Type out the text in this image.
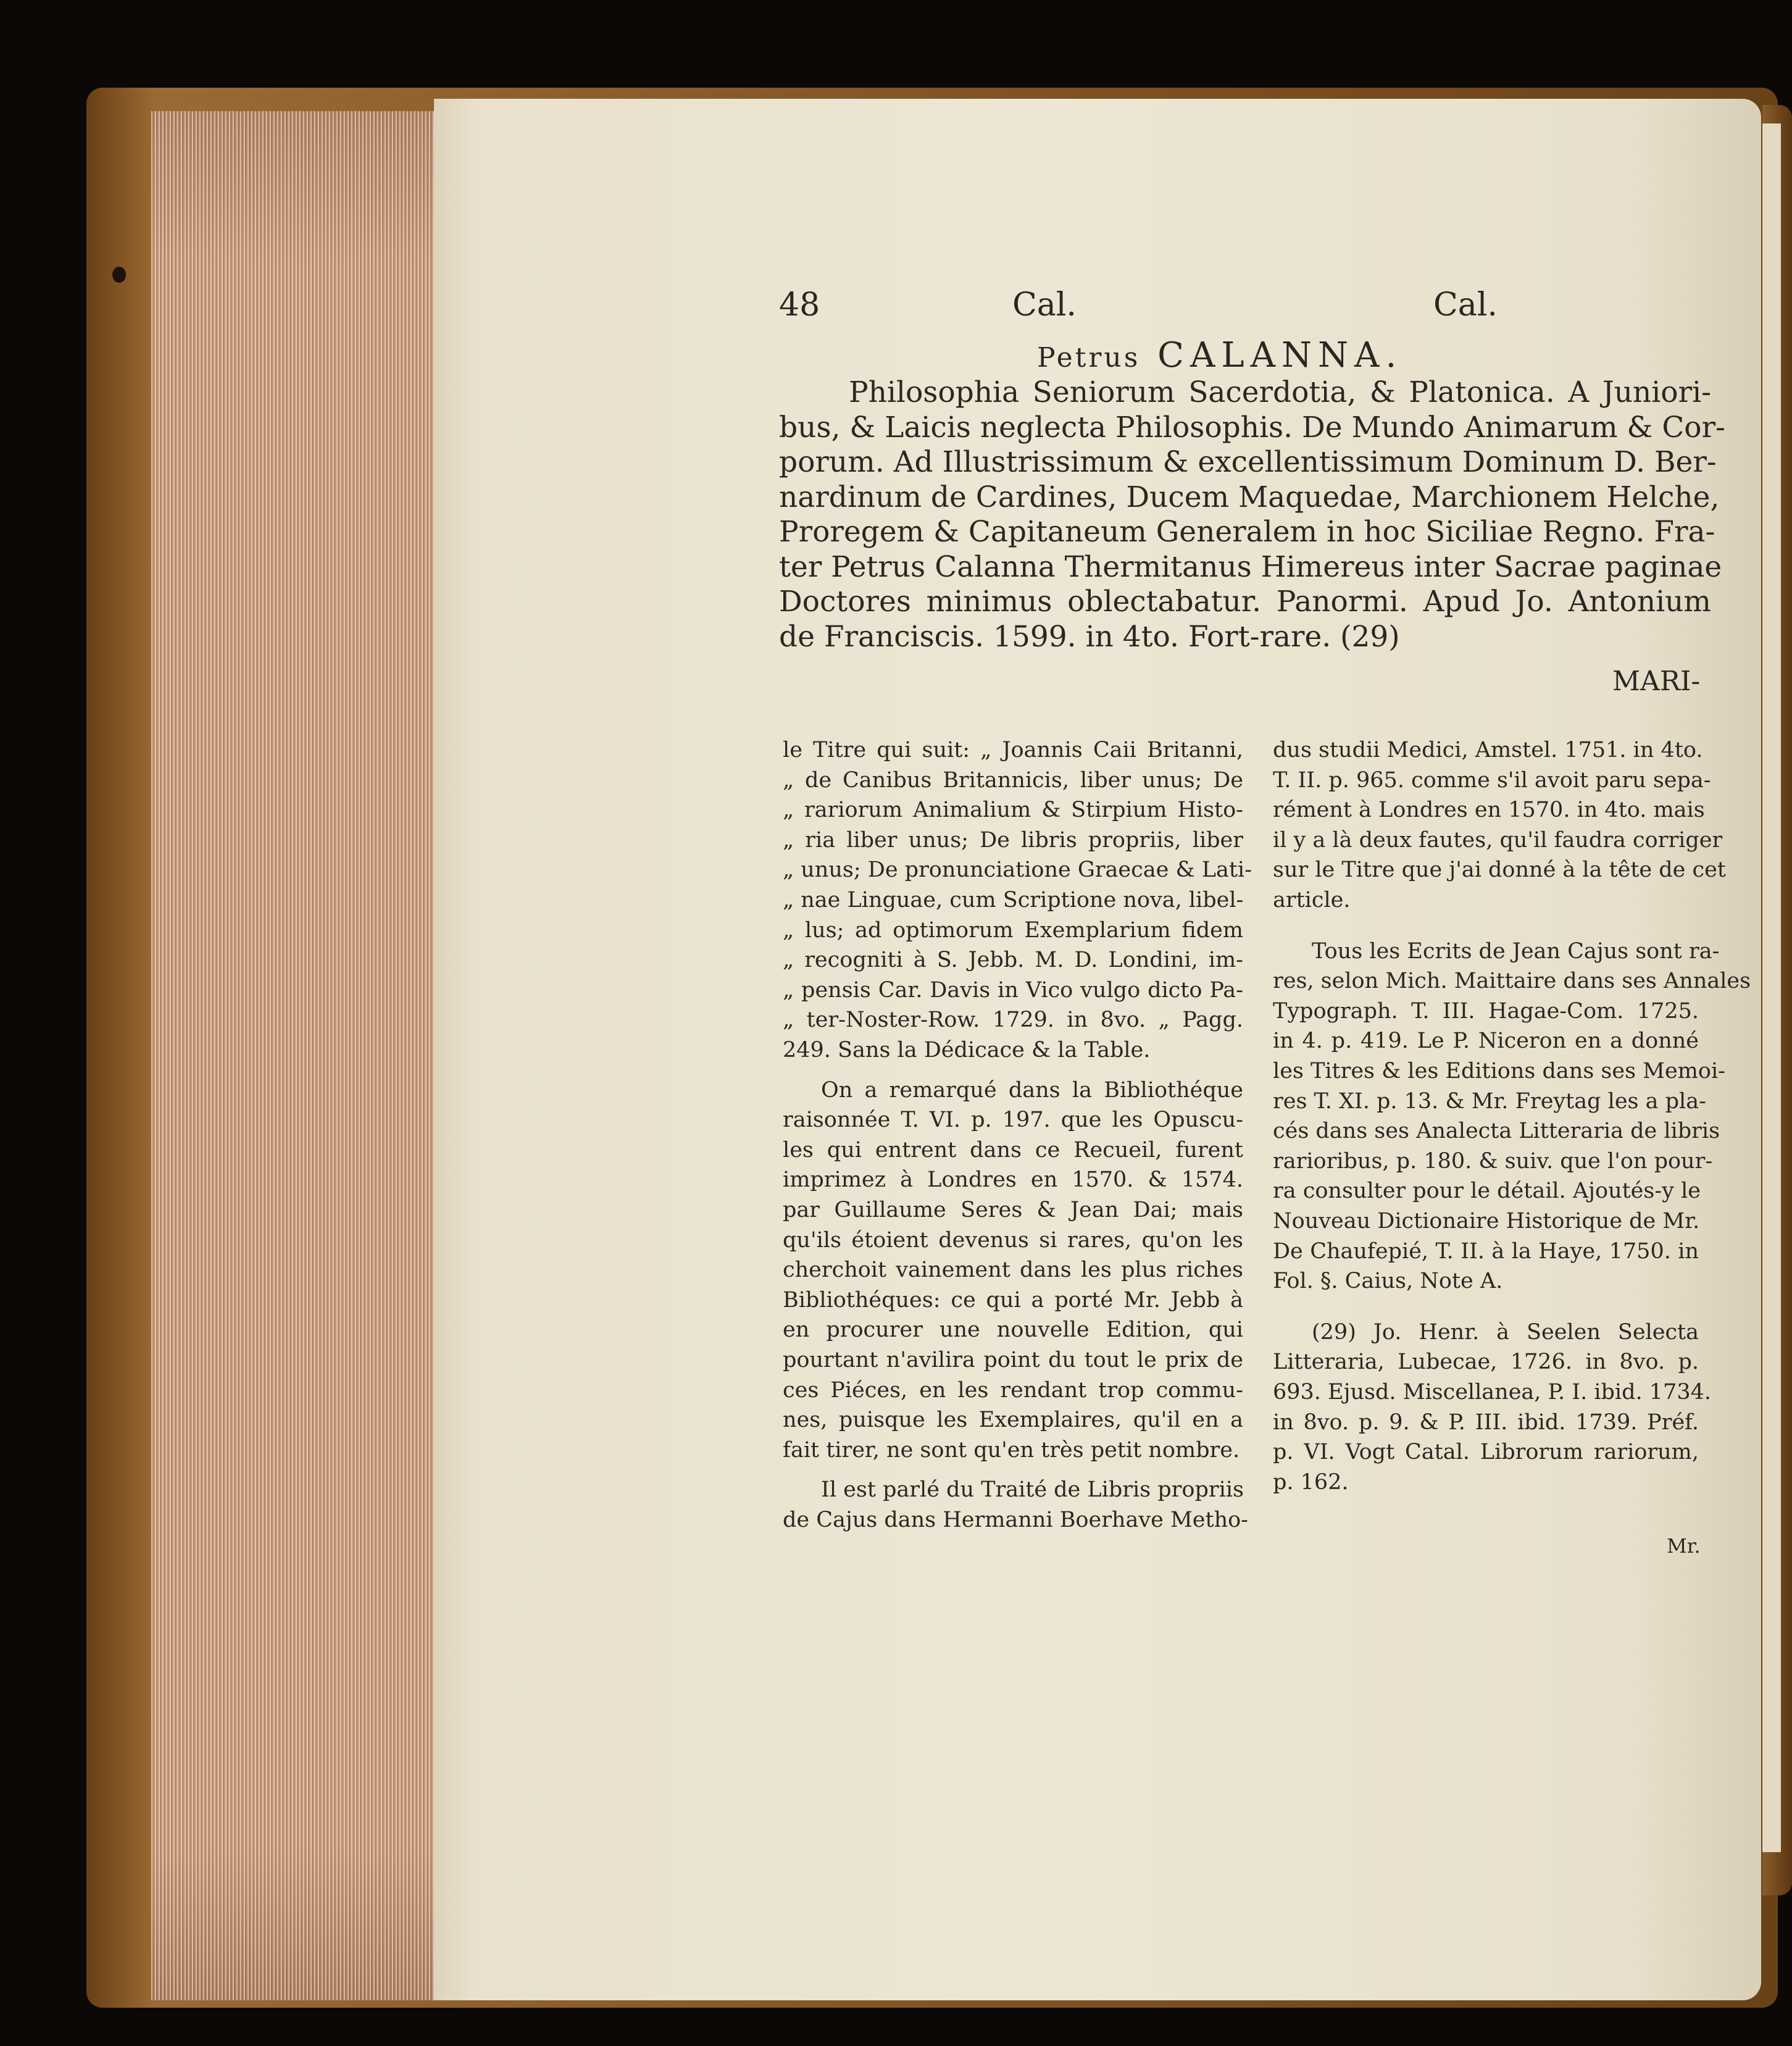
48	Cal.	Cal.
Petrus CALANNA.
Philosophia Seniorum Sacerdotia, & Platonica. A Juniori-
bus, & Laicis neglecta Philosophis. De Mundo Animarum & Cor-
porum. Ad Illustrissimum & excellentissimum Dominum D. Ber-
nardinum de Cardines, Ducem Maquedae, Marchionem Helche,
Proregem & Capitaneum Generalem in hoc Siciliae Regno. Fra-
ter Petrus Calanna Thermitanus Himereus inter Sacrae paginae
Doctores minimus oblectabatur. Panormi. Apud Jo. Antonium
de Franciscis. 1599. in 4to. Fort-rare. (29)
MARI-
le Titre qui suit: „ Joannis Caii Britanni,
„ de Canibus Britannicis, liber unus; De
„ rariorum Animalium & Stirpium Histo-
„ ria liber unus; De libris propriis, liber
„ unus; De pronunciatione Graecae & Lati-
„ nae Linguae, cum Scriptione nova, libel-
„ lus; ad optimorum Exemplarium fidem
„ recogniti à S. Jebb. M. D. Londini, im-
„ pensis Car. Davis in Vico vulgo dicto Pa-
„ ter-Noster-Row. 1729. in 8vo. „ Pagg.
249. Sans la Dédicace & la Table.
On a remarqué dans la Bibliothéque
raisonnée T. VI. p. 197. que les Opuscu-
les qui entrent dans ce Recueil, furent
imprimez à Londres en 1570. & 1574.
par Guillaume Seres & Jean Dai; mais
qu'ils étoient devenus si rares, qu'on les
cherchoit vainement dans les plus riches
Bibliothéques: ce qui a porté Mr. Jebb à
en procurer une nouvelle Edition, qui
pourtant n'avilira point du tout le prix de
ces Piéces, en les rendant trop commu-
nes, puisque les Exemplaires, qu'il en a
fait tirer, ne sont qu'en très petit nombre.
Il est parlé du Traité de Libris propriis
de Cajus dans Hermanni Boerhave Metho-
dus studii Medici, Amstel. 1751. in 4to.
T. II. p. 965. comme s'il avoit paru sepa-
rément à Londres en 1570. in 4to. mais
il y a là deux fautes, qu'il faudra corriger
sur le Titre que j'ai donné à la tête de cet
article.
Tous les Ecrits de Jean Cajus sont ra-
res, selon Mich. Maittaire dans ses Annales
Typograph. T. III. Hagae-Com. 1725.
in 4. p. 419. Le P. Niceron en a donné
les Titres & les Editions dans ses Memoi-
res T. XI. p. 13. & Mr. Freytag les a pla-
cés dans ses Analecta Litteraria de libris
rarioribus, p. 180. & suiv. que l'on pour-
ra consulter pour le détail. Ajoutés-y le
Nouveau Dictionaire Historique de Mr.
De Chaufepié, T. II. à la Haye, 1750. in
Fol. §. Caius, Note A.
(29) Jo. Henr. à Seelen Selecta
Litteraria, Lubecae, 1726. in 8vo. p.
693. Ejusd. Miscellanea, P. I. ibid. 1734.
in 8vo. p. 9. & P. III. ibid. 1739. Préf.
p. VI. Vogt Catal. Librorum rariorum,
p. 162.
Mr.
